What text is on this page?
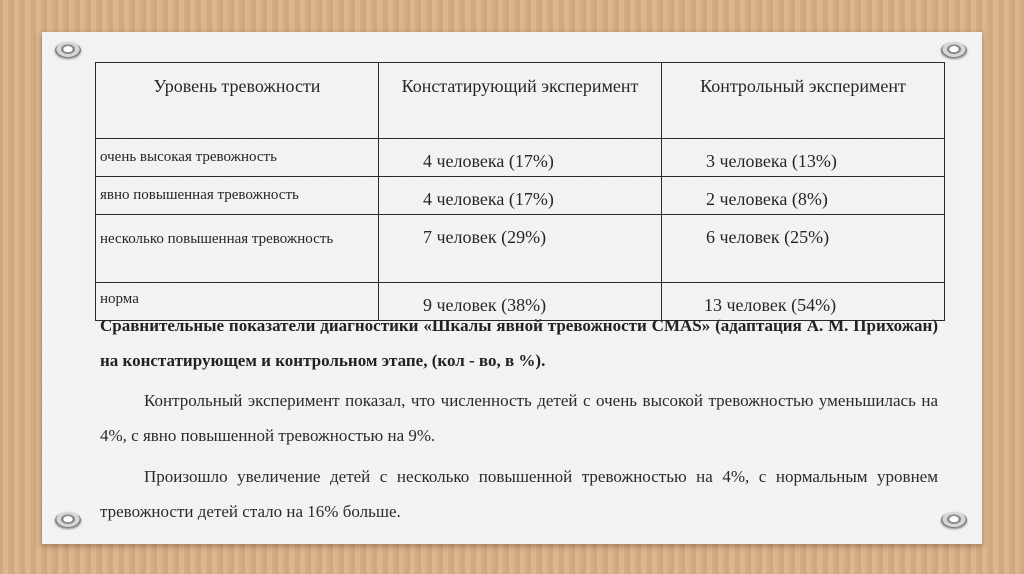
Уровень тревожности	Констатирующий эксперимент	Контрольный эксперимент

очень высокая тревожность	4 человека (17%)	3 человека (13%)

явно повышенная тревожность	4 человека (17%)	2 человека (8%)

несколько повышенная тревожность	7 человек (29%)	6 человек (25%)

норма	9 человек (38%)	13 человек (54%)
Сравнительные показатели диагностики «Шкалы явной тревожности CMAS» (адаптация А. М. Прихожан) на констатирующем и контрольном этапе, (кол - во, в %).

Контрольный эксперимент показал, что численность детей с очень высокой тревожностью уменьшилась на 4%, с явно повышенной тревожностью на 9%.

Произошло увеличение детей с несколько повышенной тревожностью на 4%, с нормальным уровнем тревожности детей стало на 16% больше.
